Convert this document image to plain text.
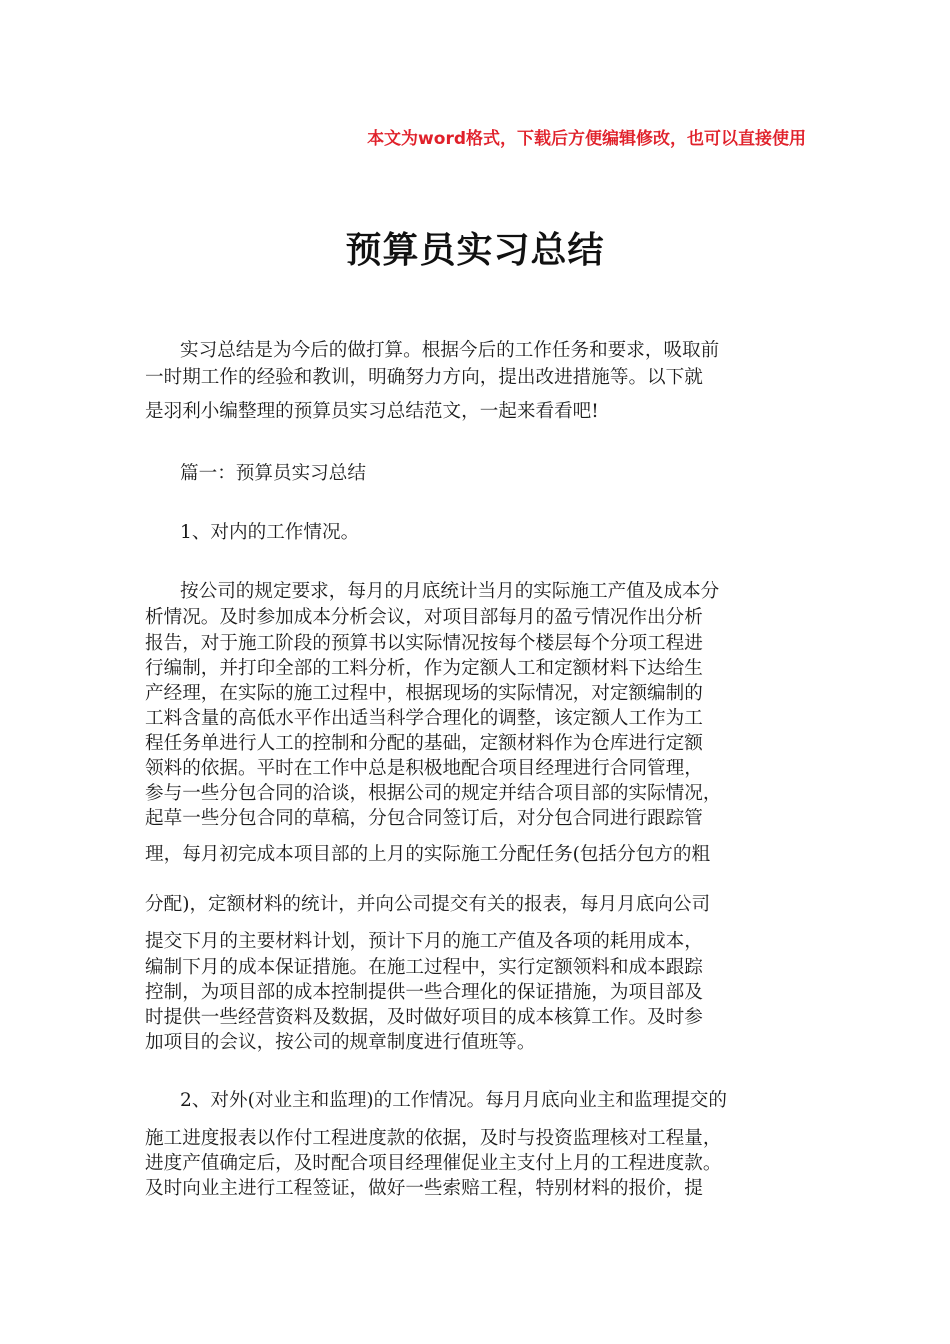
本文为word格式，下载后方便编辑修改，也可以直接使用
预算员实习总结
实习总结是为今后的做打算。根据今后的工作任务和要求，吸取前
一时期工作的经验和教训，明确努力方向，提出改进措施等。以下就
是羽利小编整理的预算员实习总结范文，一起来看看吧!
篇一：预算员实习总结
1、对内的工作情况。
按公司的规定要求，每月的月底统计当月的实际施工产值及成本分
析情况。及时参加成本分析会议，对项目部每月的盈亏情况作出分析
报告，对于施工阶段的预算书以实际情况按每个楼层每个分项工程进
行编制，并打印全部的工料分析，作为定额人工和定额材料下达给生
产经理，在实际的施工过程中，根据现场的实际情况，对定额编制的
工料含量的高低水平作出适当科学合理化的调整，该定额人工作为工
程任务单进行人工的控制和分配的基础，定额材料作为仓库进行定额
领料的依据。平时在工作中总是积极地配合项目经理进行合同管理，
参与一些分包合同的洽谈，根据公司的规定并结合项目部的实际情况，
起草一些分包合同的草稿，分包合同签订后，对分包合同进行跟踪管
理，每月初完成本项目部的上月的实际施工分配任务(包括分包方的粗
分配)，定额材料的统计，并向公司提交有关的报表，每月月底向公司
提交下月的主要材料计划，预计下月的施工产值及各项的耗用成本，
编制下月的成本保证措施。在施工过程中，实行定额领料和成本跟踪
控制，为项目部的成本控制提供一些合理化的保证措施，为项目部及
时提供一些经营资料及数据，及时做好项目的成本核算工作。及时参
加项目的会议，按公司的规章制度进行值班等。
2、对外(对业主和监理)的工作情况。每月月底向业主和监理提交的
施工进度报表以作付工程进度款的依据，及时与投资监理核对工程量，
进度产值确定后，及时配合项目经理催促业主支付上月的工程进度款。
及时向业主进行工程签证，做好一些索赔工程，特别材料的报价，提
